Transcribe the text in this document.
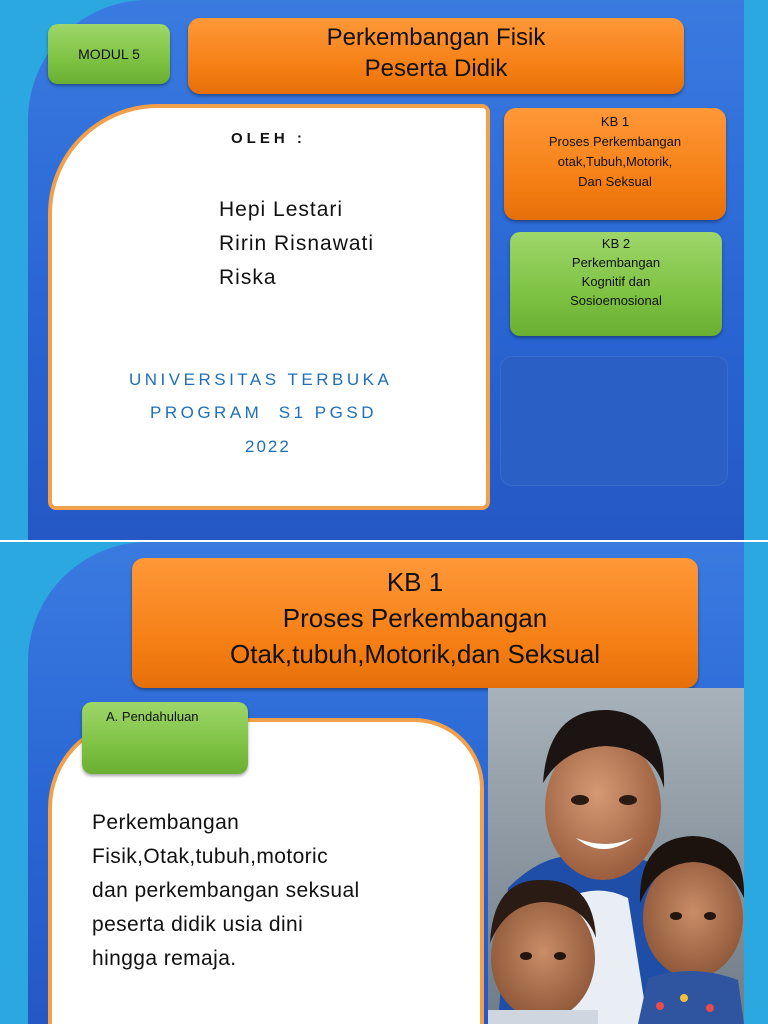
MODUL 5
Perkembangan Fisik
Peserta Didik
OLEH :
Hepi Lestari
Ririn Risnawati
Riska
UNIVERSITAS TERBUKA
PROGRAM  S1 PGSD
2022
KB 1
Proses Perkembangan
otak,Tubuh,Motorik,
Dan Seksual
KB 2
Perkembangan
Kognitif dan
Sosioemosional
KB 1
Proses Perkembangan
Otak,tubuh,Motorik,dan Seksual
A. Pendahuluan
Perkembangan
Fisik,Otak,tubuh,motoric
dan perkembangan seksual
peserta didik usia dini
hingga remaja.
